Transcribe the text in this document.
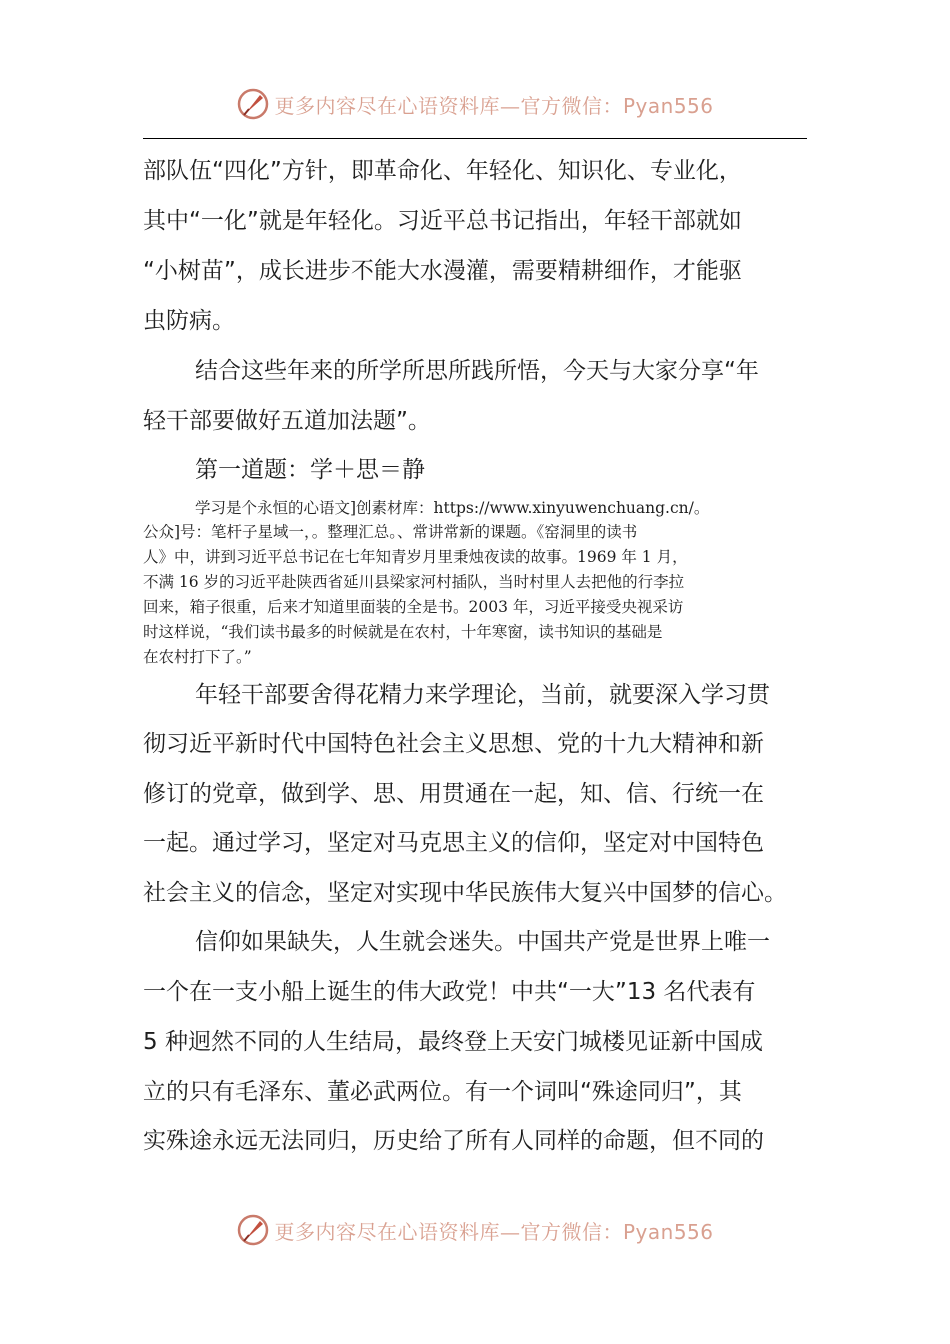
更多内容尽在心语资料库—官方微信：Pyan556
部队伍“四化”方针，即革命化、年轻化、知识化、专业化，
其中“一化”就是年轻化。习近平总书记指出，年轻干部就如
“小树苗”，成长进步不能大水漫灌，需要精耕细作，才能驱
虫防病。
结合这些年来的所学所思所践所悟，今天与大家分享“年
轻干部要做好五道加法题”。
第一道题：学＋思＝静
学习是个永恒的心语文]创素材库：https://www.xinyuwenchuang.cn/。
公众]号：笔杆子星域一，。整理汇总。、常讲常新的课题。《窑洞里的读书
人》中，讲到习近平总书记在七年知青岁月里秉烛夜读的故事。1969 年 1 月，
不满 16 岁的习近平赴陕西省延川县梁家河村插队，当时村里人去把他的行李拉
回来，箱子很重，后来才知道里面装的全是书。2003 年，习近平接受央视采访
时这样说，“我们读书最多的时候就是在农村，十年寒窗，读书知识的基础是
在农村打下了。”
年轻干部要舍得花精力来学理论，当前，就要深入学习贯
彻习近平新时代中国特色社会主义思想、党的十九大精神和新
修订的党章，做到学、思、用贯通在一起，知、信、行统一在
一起。通过学习，坚定对马克思主义的信仰，坚定对中国特色
社会主义的信念，坚定对实现中华民族伟大复兴中国梦的信心。
信仰如果缺失，人生就会迷失。中国共产党是世界上唯一
一个在一支小船上诞生的伟大政党！中共“一大”13 名代表有
5 种迥然不同的人生结局，最终登上天安门城楼见证新中国成
立的只有毛泽东、董必武两位。有一个词叫“殊途同归”，其
实殊途永远无法同归，历史给了所有人同样的命题，但不同的
更多内容尽在心语资料库—官方微信：Pyan556
